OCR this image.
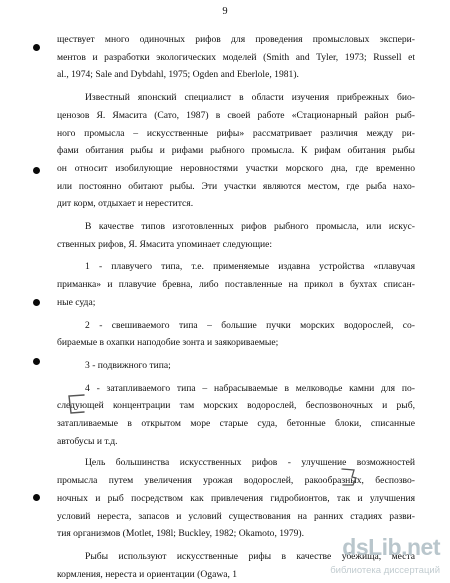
9
ществует много одиночных рифов для проведения промысловых экспери-
ментов и разработки экологических моделей (Smith and Tyler, 1973; Russell et
al., 1974; Sale and Dybdahl, 1975; Ogden and Eberlole, 1981).
Известный японский специалист в области изучения прибрежных био-
ценозов Я. Ямасита (Сато, 1987) в своей работе «Стационарный район рыб-
ного промысла – искусственные рифы» рассматривает различия между ри-
фами обитания рыбы и рифами рыбного промысла. К рифам обитания рыбы
он относит изобилующие неровностями участки морского дна, где временно
или постоянно обитают рыбы. Эти участки являются местом, где рыба нахо-
дит корм, отдыхает и нерестится.
В качестве типов изготовленных рифов рыбного промысла, или искус-
ственных рифов, Я. Ямасита упоминает следующие:
1 - плавучего типа, т.е. применяемые издавна устройства «плавучая
приманка» и плавучие бревна, либо поставленные на прикол в бухтах списан-
ные суда;
2 - свешиваемого типа – большие пучки морских водорослей, со-
бираемые в охапки наподобие зонта и заякориваемые;
3 - подвижного типа;
4 - затапливаемого типа – набрасываемые в мелководье камни для по-
следующей концентрации там морских водорослей, беспозвоночных и рыб,
затапливаемые в открытом море старые суда, бетонные блоки, списанные
автобусы и т.д.
Цель большинства искусственных рифов - улучшение возможностей
промысла путем увеличения урожая водорослей, ракообразных, беспозво-
ночных и рыб посредством как привлечения гидробионтов, так и улучшения
условий нереста, запасов и условий существования на ранних стадиях разви-
тия организмов (Motlet, 198l; Buckley, 1982; Okamoto, 1979).
Рыбы используют искусственные рифы в качестве убежища, места
кормления, нереста и ориентации (Ogawa, 1
dsLib.net
библиотека диссертаций
